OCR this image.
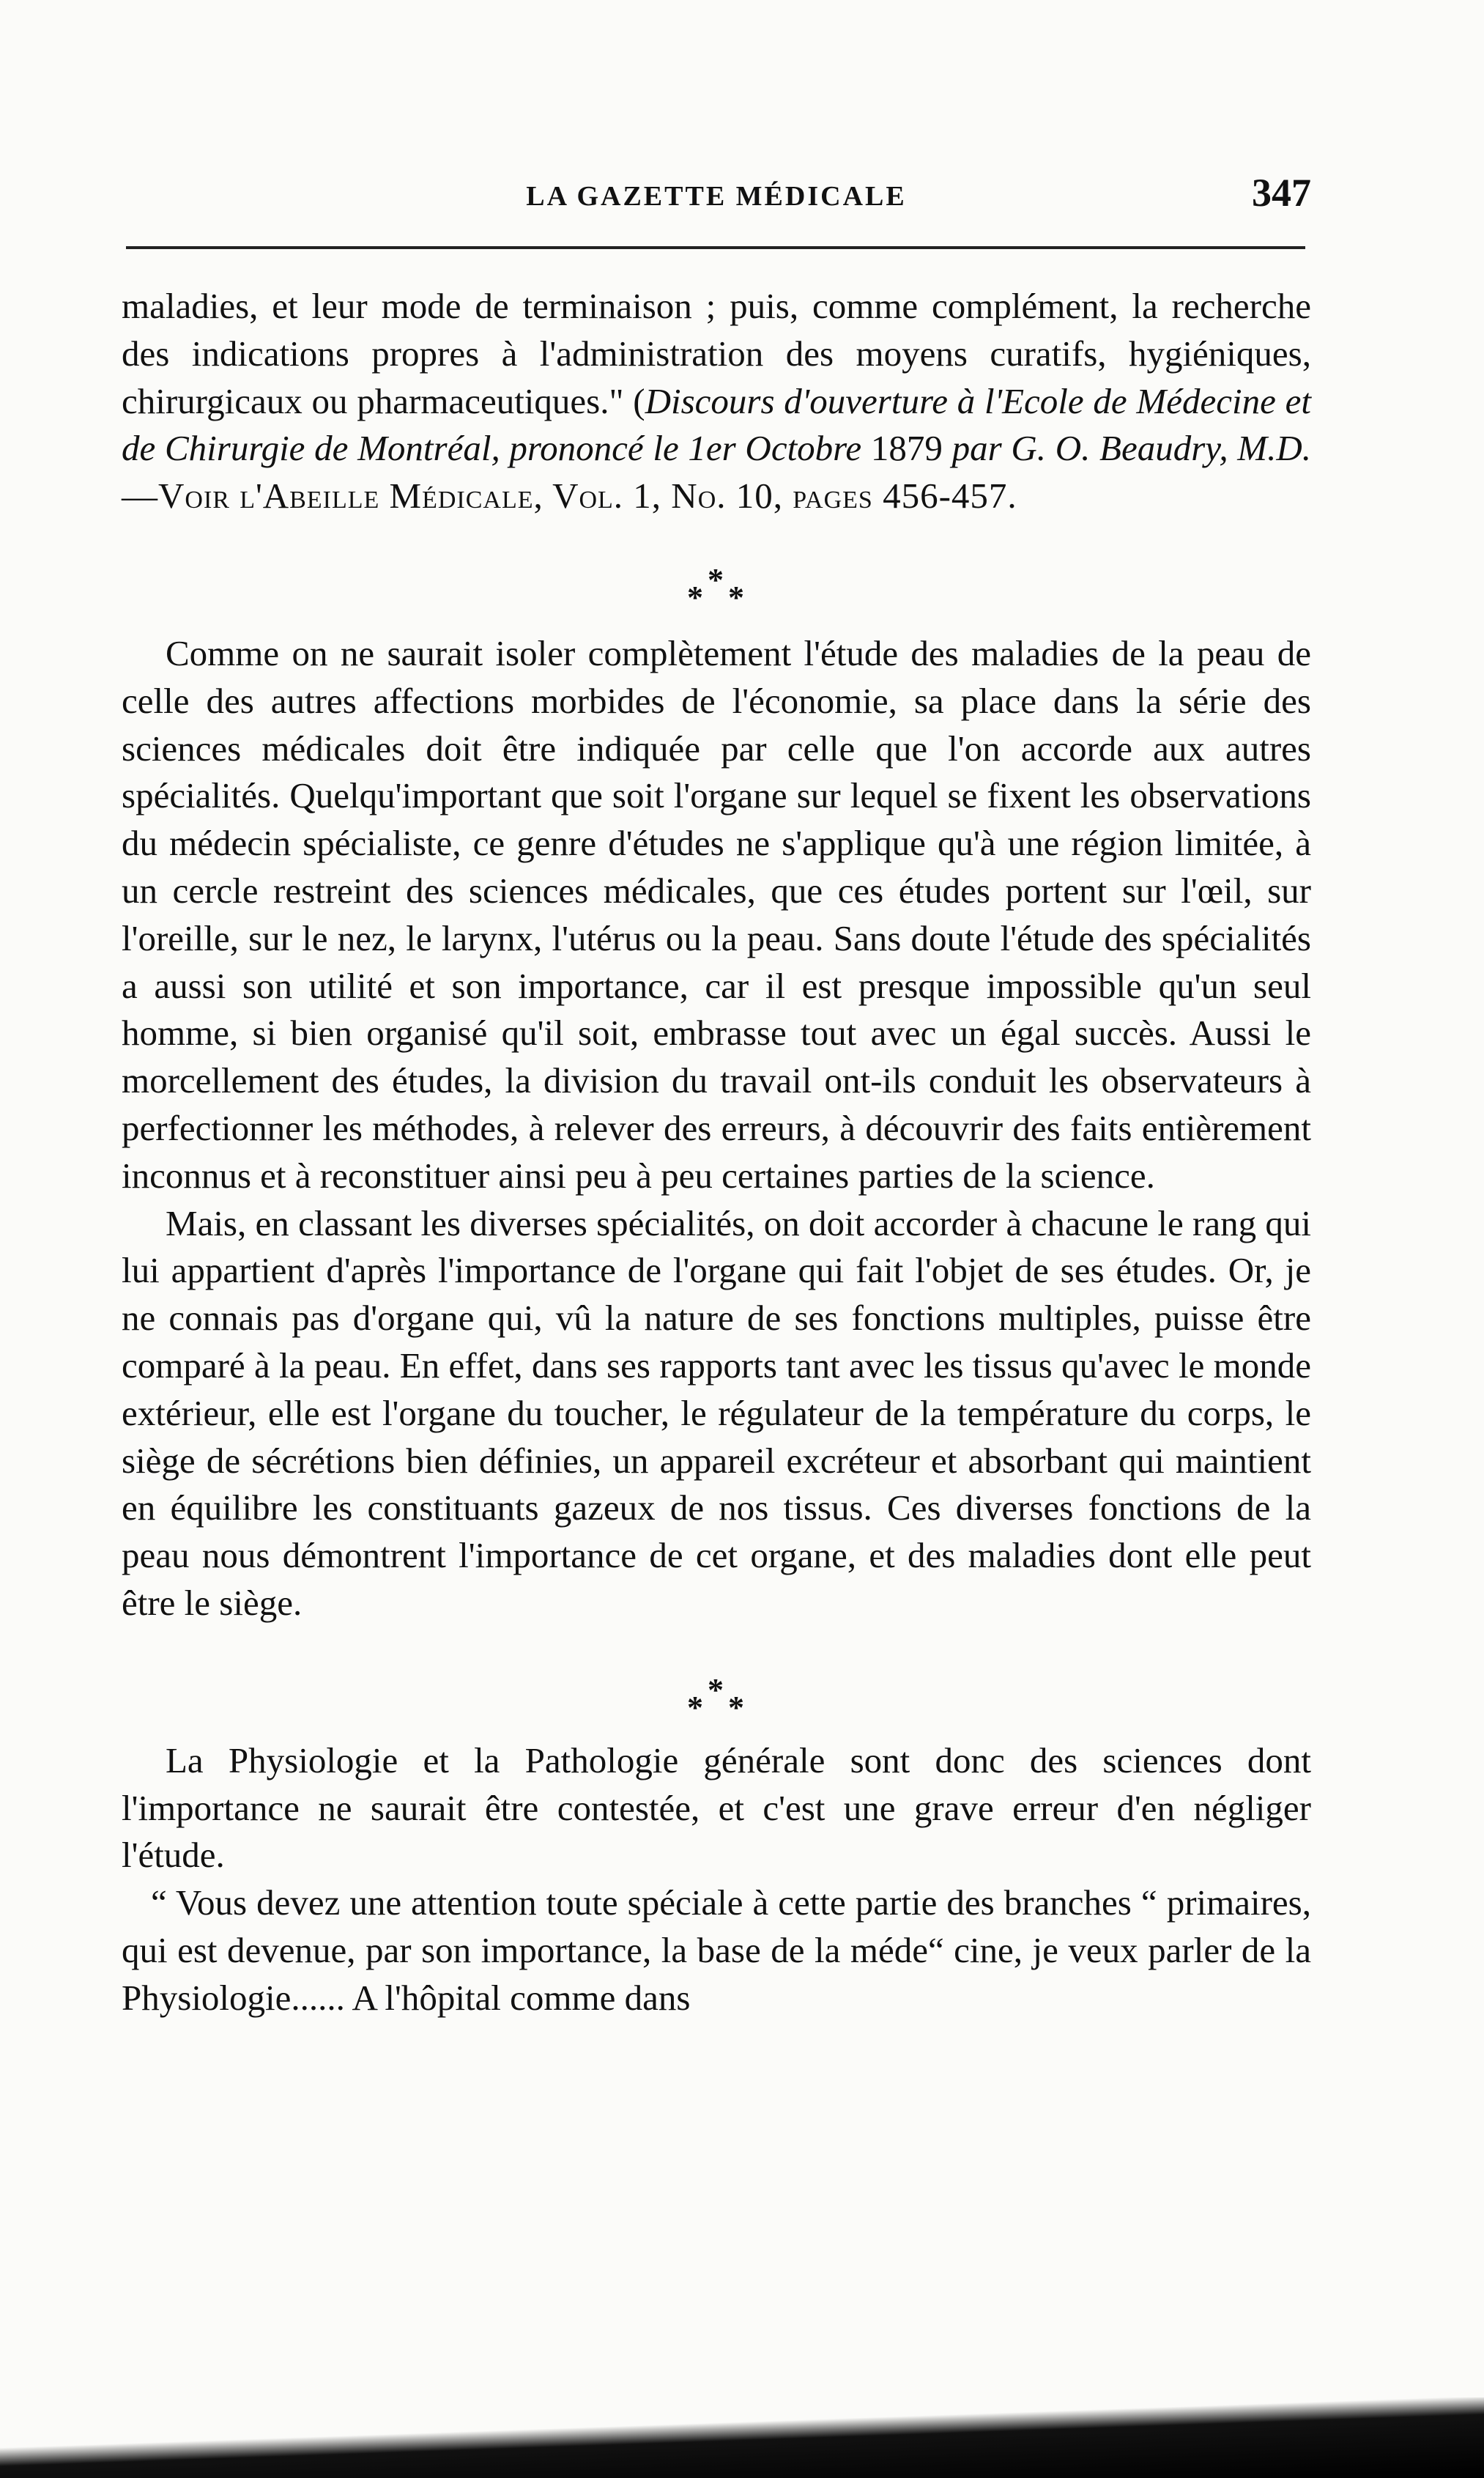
LA GAZETTE MÉDICALE	347

maladies, et leur mode de terminaison ; puis, comme complément, la recherche des indications propres à l'administration des moyens curatifs, hygiéniques, chirurgicaux ou pharmaceutiques." (Discours d'ouverture à l'Ecole de Médecine et de Chirurgie de Montréal, prononcé le 1er Octobre 1879 par G. O. Beaudry, M.D.—Voir l'Abeille Médicale, Vol. 1, No. 10, pages 456-457.

*
* *

Comme on ne saurait isoler complètement l'étude des maladies de la peau de celle des autres affections morbides de l'économie, sa place dans la série des sciences médicales doit être indiquée par celle que l'on accorde aux autres spécialités. Quelqu'important que soit l'organe sur lequel se fixent les observations du médecin spécialiste, ce genre d'études ne s'applique qu'à une région limitée, à un cercle restreint des sciences médicales, que ces études portent sur l'œil, sur l'oreille, sur le nez, le larynx, l'utérus ou la peau. Sans doute l'étude des spécialités a aussi son utilité et son importance, car il est presque impossible qu'un seul homme, si bien organisé qu'il soit, embrasse tout avec un égal succès. Aussi le morcellement des études, la division du travail ont-ils conduit les observateurs à perfectionner les méthodes, à relever des erreurs, à découvrir des faits entièrement inconnus et à reconstituer ainsi peu à peu certaines parties de la science.

Mais, en classant les diverses spécialités, on doit accorder à chacune le rang qui lui appartient d'après l'importance de l'organe qui fait l'objet de ses études. Or, je ne connais pas d'organe qui, vû la nature de ses fonctions multiples, puisse être comparé à la peau. En effet, dans ses rapports tant avec les tissus qu'avec le monde extérieur, elle est l'organe du toucher, le régulateur de la température du corps, le siège de sécrétions bien définies, un appareil excréteur et absorbant qui maintient en équilibre les constituants gazeux de nos tissus. Ces diverses fonctions de la peau nous démontrent l'importance de cet organe, et des maladies dont elle peut être le siège.

*
* *

La Physiologie et la Pathologie générale sont donc des sciences dont l'importance ne saurait être contestée, et c'est une grave erreur d'en négliger l'étude.

“ Vous devez une attention toute spéciale à cette partie des branches “ primaires, qui est devenue, par son importance, la base de la méde“ cine, je veux parler de la Physiologie...... A l'hôpital comme dans
